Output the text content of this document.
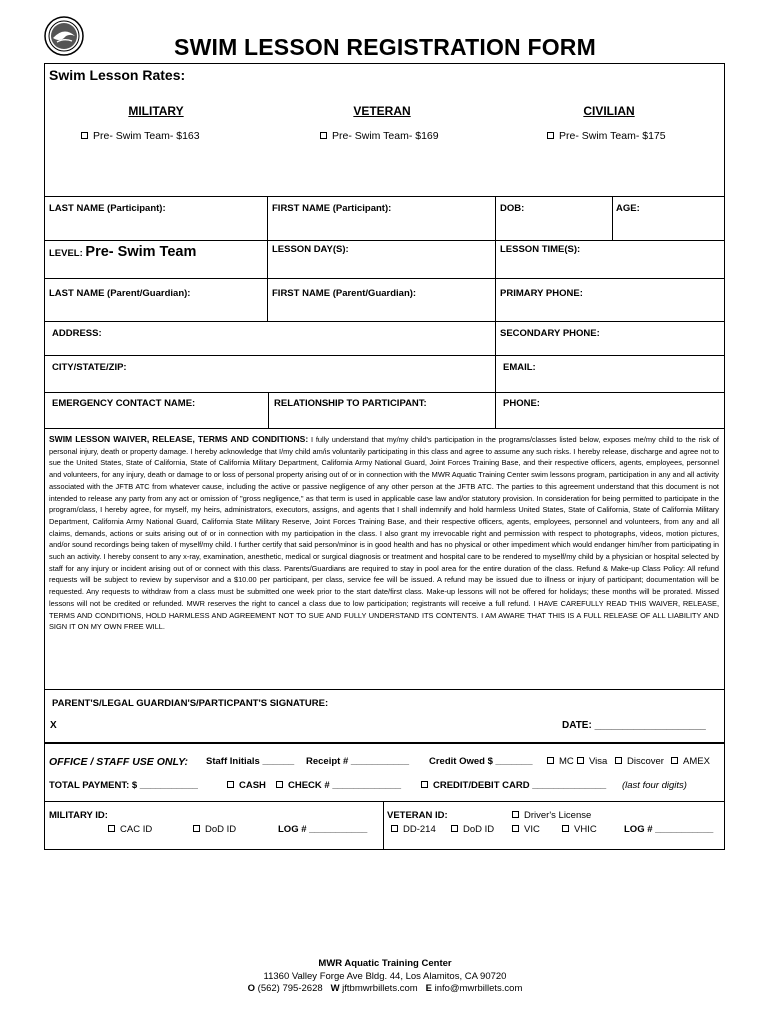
SWIM LESSON REGISTRATION FORM
Swim Lesson Rates:
MILITARY	VETERAN	CIVILIAN
Pre- Swim Team- $163	Pre- Swim Team- $169	Pre- Swim Team- $175
LAST NAME (Participant):	FIRST NAME (Participant):	DOB:	AGE:
LEVEL: Pre- Swim Team	LESSON DAY(S):	LESSON TIME(S):
LAST NAME (Parent/Guardian):	FIRST NAME (Parent/Guardian):	PRIMARY PHONE:
ADDRESS:	SECONDARY PHONE:
CITY/STATE/ZIP:	EMAIL:
EMERGENCY CONTACT NAME:	RELATIONSHIP TO PARTICIPANT:	PHONE:
SWIM LESSON WAIVER, RELEASE, TERMS AND CONDITIONS: I fully understand that my/my child's participation in the programs/classes listed below, exposes me/my child to the risk of personal injury, death or property damage. I hereby acknowledge that I/my child am/is voluntarily participating in this class and agree to assume any such risks. I hereby release, discharge and agree not to sue the United States, State of California, State of California Military Department, California Army National Guard, Joint Forces Training Base, and their respective officers, agents, employees, personnel and volunteers, for any injury, death or damage to or loss of personal property arising out of or in connection with the MWR Aquatic Training Center swim lessons program, participation in any and all activity associated with the JFTB ATC from whatever cause, including the active or passive negligence of any other person at the JFTB ATC. The parties to this agreement understand that this document is not intended to release any party from any act or omission of "gross negligence," as that term is used in applicable case law and/or statutory provision. In consideration for being permitted to participate in the program/class, I hereby agree, for myself, my heirs, administrators, executors, assigns, and agents that I shall indemnify and hold harmless United States, State of California, State of California Military Department, California Army National Guard, California State Military Reserve, Joint Forces Training Base, and their respective officers, agents, employees, personnel and volunteers, from any and all claims, demands, actions or suits arising out of or in connection with my participation in the class. I also grant my irrevocable right and permission with respect to photographs, videos, motion pictures, and/or sound recordings being taken of myself/my child. I further certify that said person/minor is in good health and has no physical or other impediment which would endanger him/her from participating in such an activity. I hereby consent to any x-ray, examination, anesthetic, medical or surgical diagnosis or treatment and hospital care to be rendered to myself/my child by a physician or hospital selected by staff for any injury or incident arising out of or connect with this class. Parents/Guardians are required to stay in pool area for the entire duration of the class. Refund & Make-up Class Policy: All refund requests will be subject to review by supervisor and a $10.00 per participant, per class, service fee will be issued. A refund may be issued due to illness or injury of participant; documentation will be requested. Any requests to withdraw from a class must be submitted one week prior to the start date/first class. Make-up lessons will not be offered for holidays; these months will be prorated. Missed lessons will not be credited or refunded. MWR reserves the right to cancel a class due to low participation; registrants will receive a full refund. I HAVE CAREFULLY READ THIS WAIVER, RELEASE, TERMS AND CONDITIONS, HOLD HARMLESS AND AGREEMENT NOT TO SUE AND FULLY UNDERSTAND ITS CONTENTS. I AM AWARE THAT THIS IS A FULL RELEASE OF ALL LIABILITY AND SIGN IT ON MY OWN FREE WILL.
PARENT'S/LEGAL GUARDIAN'S/PARTICPANT'S SIGNATURE:
X	DATE: ____________________
OFFICE / STAFF USE ONLY: Staff Initials ______ Receipt # ___________ Credit Owed $ _______	MC	Visa	Discover	AMEX
TOTAL PAYMENT: $ ___________	CASH	CHECK # _____________	CREDIT/DEBIT CARD ______________ (last four digits)
MILITARY ID:
CAC ID	DoD ID	LOG # ___________
VETERAN ID:	Driver's License
DD-214	DoD ID	VIC	VHIC	LOG # ___________
MWR Aquatic Training Center
11360 Valley Forge Ave Bldg. 44, Los Alamitos, CA 90720
O (562) 795-2628 W jftbmwrbillets.com E info@mwrbillets.com
